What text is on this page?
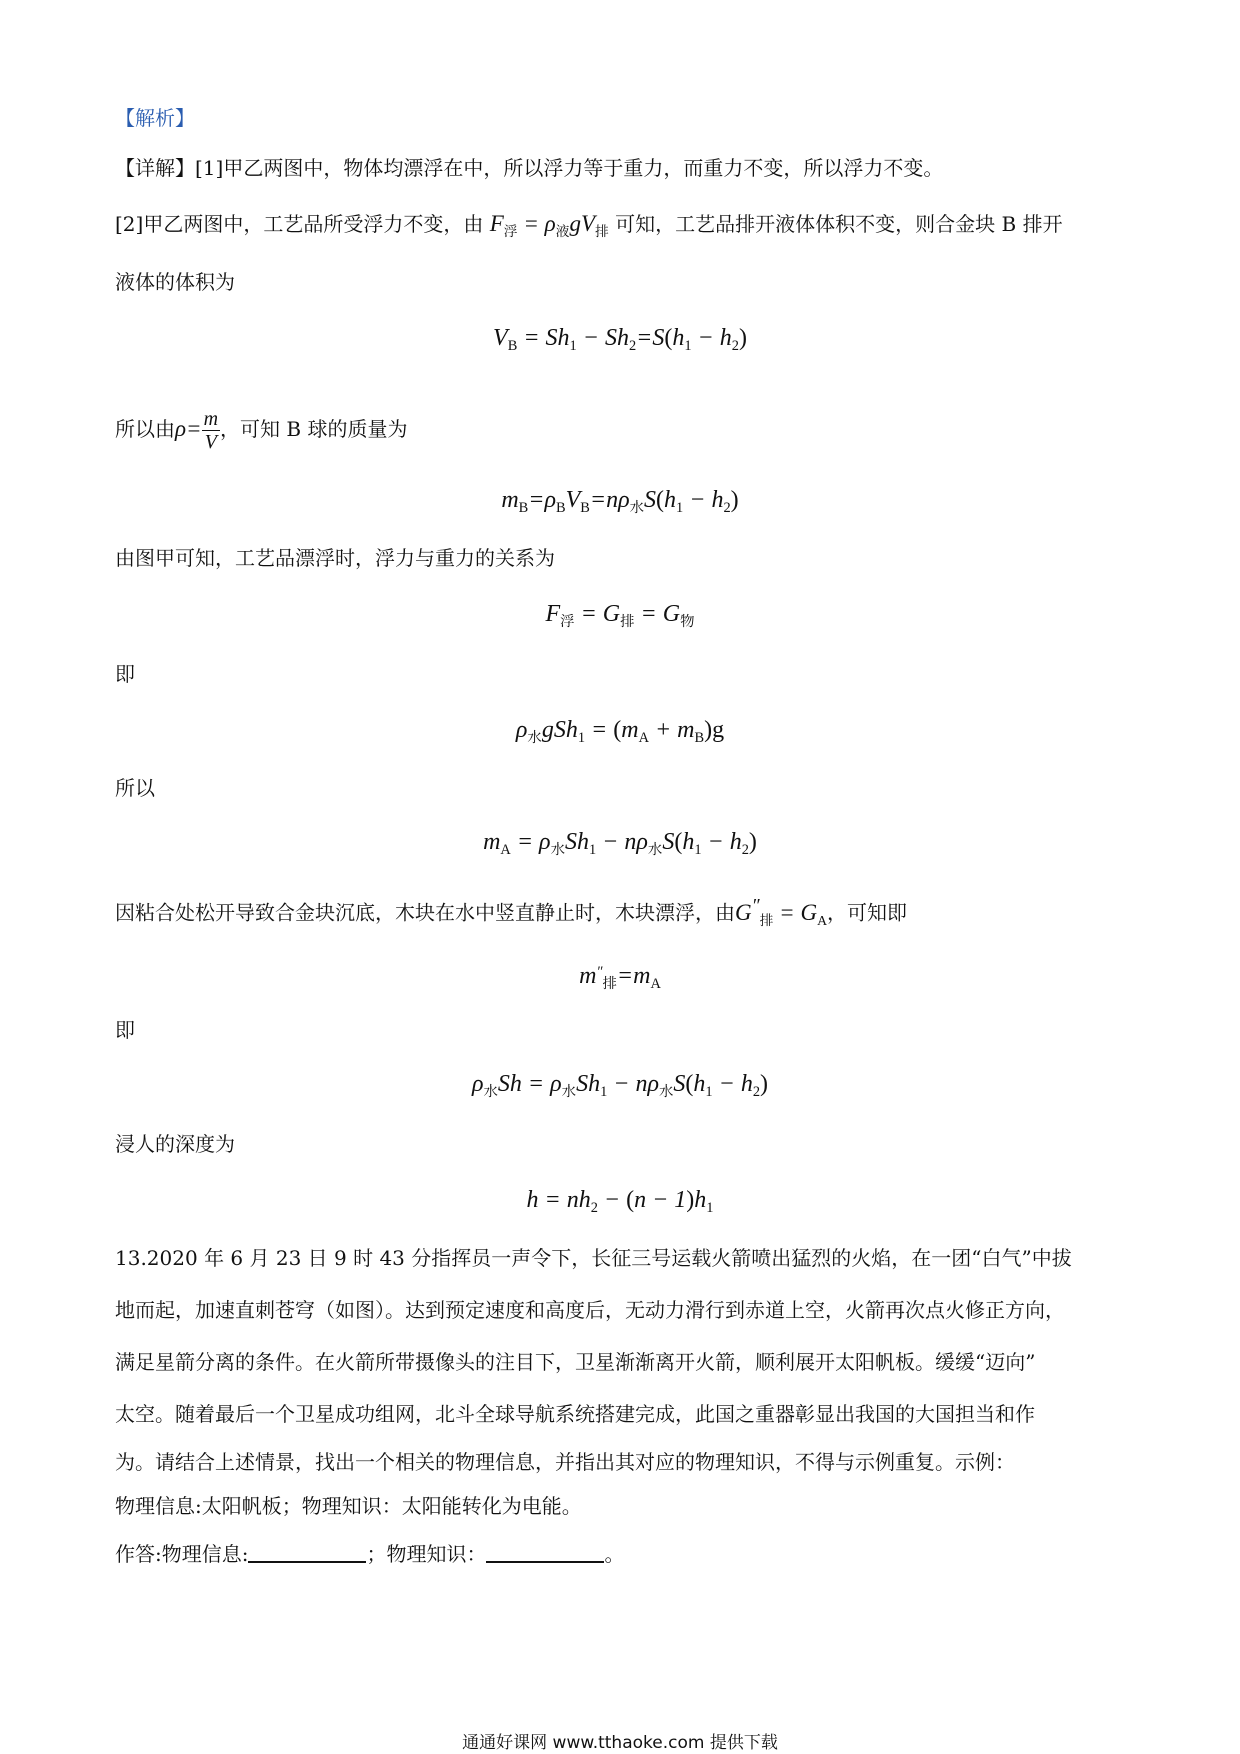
【解析】
【详解】[1]甲乙两图中，物体均漂浮在中，所以浮力等于重力，而重力不变，所以浮力不变。
[2]甲乙两图中，工艺品所受浮力不变，由 $F_浮 = \rho_液gV_排$ 可知，工艺品排开液体体积不变，则合金块 B 排开
液体的体积为
$V_B = Sh_1 - Sh_2=S(h_1 - h_2)$
所以由$\rho= \frac{m}{V}$ ，可知 B 球的质量为
$m_B=\rho_BV_B=n\rho_水S(h_1 - h_2)$
由图甲可知，工艺品漂浮时，浮力与重力的关系为
$F_浮 = G_排 = G_物$
即
$\rho_水gSh_1 = (m_A + m_B)g$
所以
$m_A = \rho_水Sh_1 - n\rho_水S(h_1 - h_2)$
因粘合处松开导致合金块沉底，木块在水中竖直静止时，木块漂浮，由$G''_排 = G_A$，可知即
$m''_排=m_A$
即
$\rho_水Sh = \rho_水Sh_1 - n\rho_水S(h_1 - h_2)$
浸人的深度为
$h = nh_2 - (n - 1)h_1$
13.2020 年 6 月 23 日 9 时 43 分指挥员一声令下，长征三号运载火箭喷出猛烈的火焰，在一团“白气”中拔
地而起，加速直刺苍穹（如图）。达到预定速度和高度后，无动力滑行到赤道上空，火箭再次点火修正方向，
满足星箭分离的条件。在火箭所带摄像头的注目下，卫星渐渐离开火箭，顺利展开太阳帆板。缓缓“迈向”
太空。随着最后一个卫星成功组网，北斗全球导航系统搭建完成，此国之重器彰显出我国的大国担当和作
为。请结合上述情景，找出一个相关的物理信息，并指出其对应的物理知识，不得与示例重复。示例：
物理信息:太阳帆板；物理知识：太阳能转化为电能。
作答:物理信息:	；物理知识：	。
通通好课网 www.tthaoke.com 提供下载
